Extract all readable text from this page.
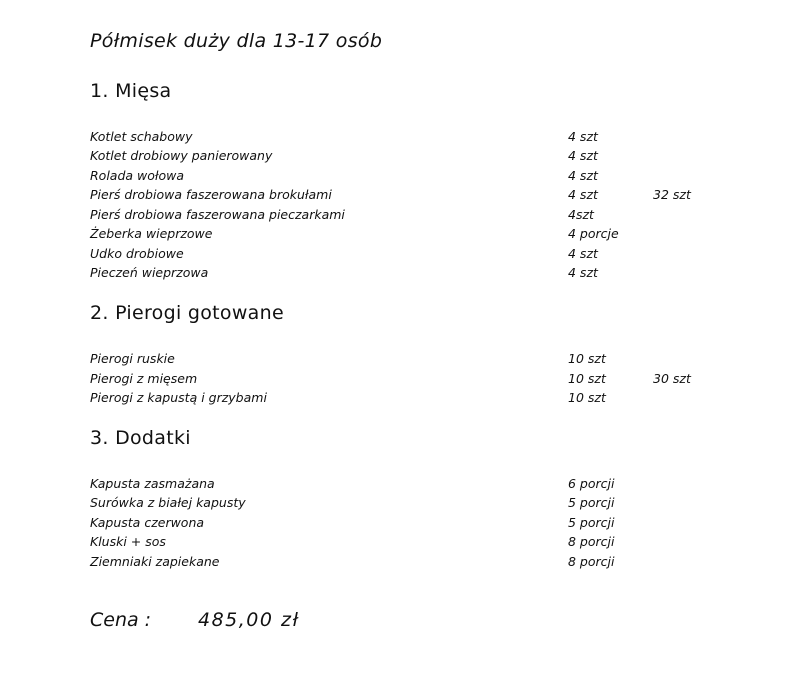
Półmisek duży dla 13-17 osób
1. Mięsa
Kotlet schabowy	4 szt
Kotlet drobiowy panierowany	4 szt
Rolada wołowa	4 szt
Pierś drobiowa faszerowana brokułami	4 szt	32 szt
Pierś drobiowa faszerowana pieczarkami	4szt
Żeberka wieprzowe	4 porcje
Udko drobiowe	4 szt
Pieczeń wieprzowa	4 szt
2. Pierogi gotowane
Pierogi ruskie	10 szt
Pierogi z mięsem	10 szt	30 szt
Pierogi z kapustą i grzybami	10 szt
3. Dodatki
Kapusta zasmażana	6 porcji
Surówka z białej kapusty	5 porcji
Kapusta czerwona	5 porcji
Kluski + sos	8 porcji
Ziemniaki zapiekane	8 porcji
Cena : 485,00 zł
